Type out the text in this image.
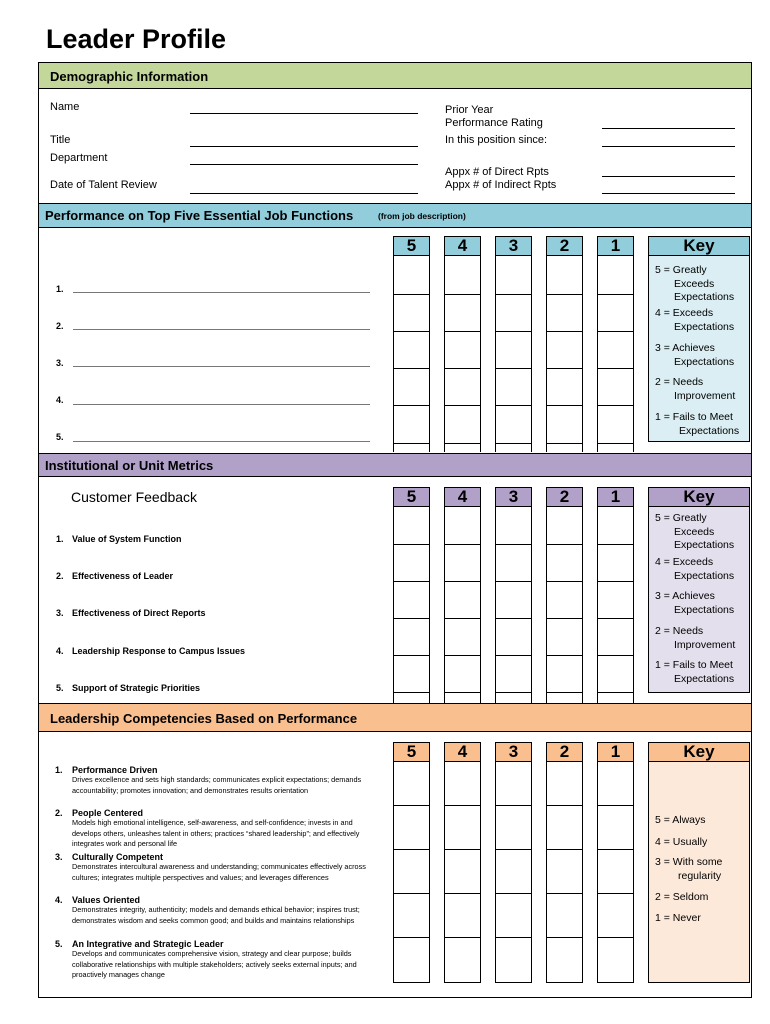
Leader Profile
Demographic Information
Name
Title
Department
Date of Talent Review
Prior Year
Performance Rating
In this position since:
Appx # of Direct Rpts
Appx # of Indirect Rpts
Performance on Top Five Essential Job Functions	(from job description)
1.
2.
3.
4.
5.
5	4	3	2	1	Key
5 = Greatly
Exceeds
Expectations
4 = Exceeds
Expectations
3 = Achieves
Expectations
2 = Needs
Improvement
1 = Fails to Meet
Expectations
Institutional or Unit Metrics
Customer Feedback
1. Value of System Function
2. Effectiveness of Leader
3. Effectiveness of Direct Reports
4. Leadership Response to Campus Issues
5. Support of Strategic Priorities
5	4	3	2	1	Key
5 = Greatly
Exceeds
Expectations
4 = Exceeds
Expectations
3 = Achieves
Expectations
2 = Needs
Improvement
1 = Fails to Meet
Expectations
Leadership Competencies Based on Performance
1. Performance Driven
Drives excellence and sets high standards; communicates explicit expectations; demands accountability; promotes innovation; and demonstrates results orientation
2. People Centered
Models high emotional intelligence, self-awareness, and self-confidence; invests in and develops others, unleashes talent in others; practices “shared leadership”; and effectively integrates work and personal life
3. Culturally Competent
Demonstrates intercultural awareness and understanding; communicates effectively across cultures; integrates multiple perspectives and values; and leverages differences
4. Values Oriented
Demonstrates integrity, authenticity; models and demands ethical behavior; inspires trust; demonstrates wisdom and seeks common good; and builds and maintains relationships
5. An Integrative and Strategic Leader
Develops and communicates comprehensive vision, strategy and clear purpose; builds collaborative relationships with multiple stakeholders; actively seeks external inputs; and proactively manages change
5	4	3	2	1	Key
5 = Always
4 = Usually
3 = With some
regularity
2 = Seldom
1 = Never
